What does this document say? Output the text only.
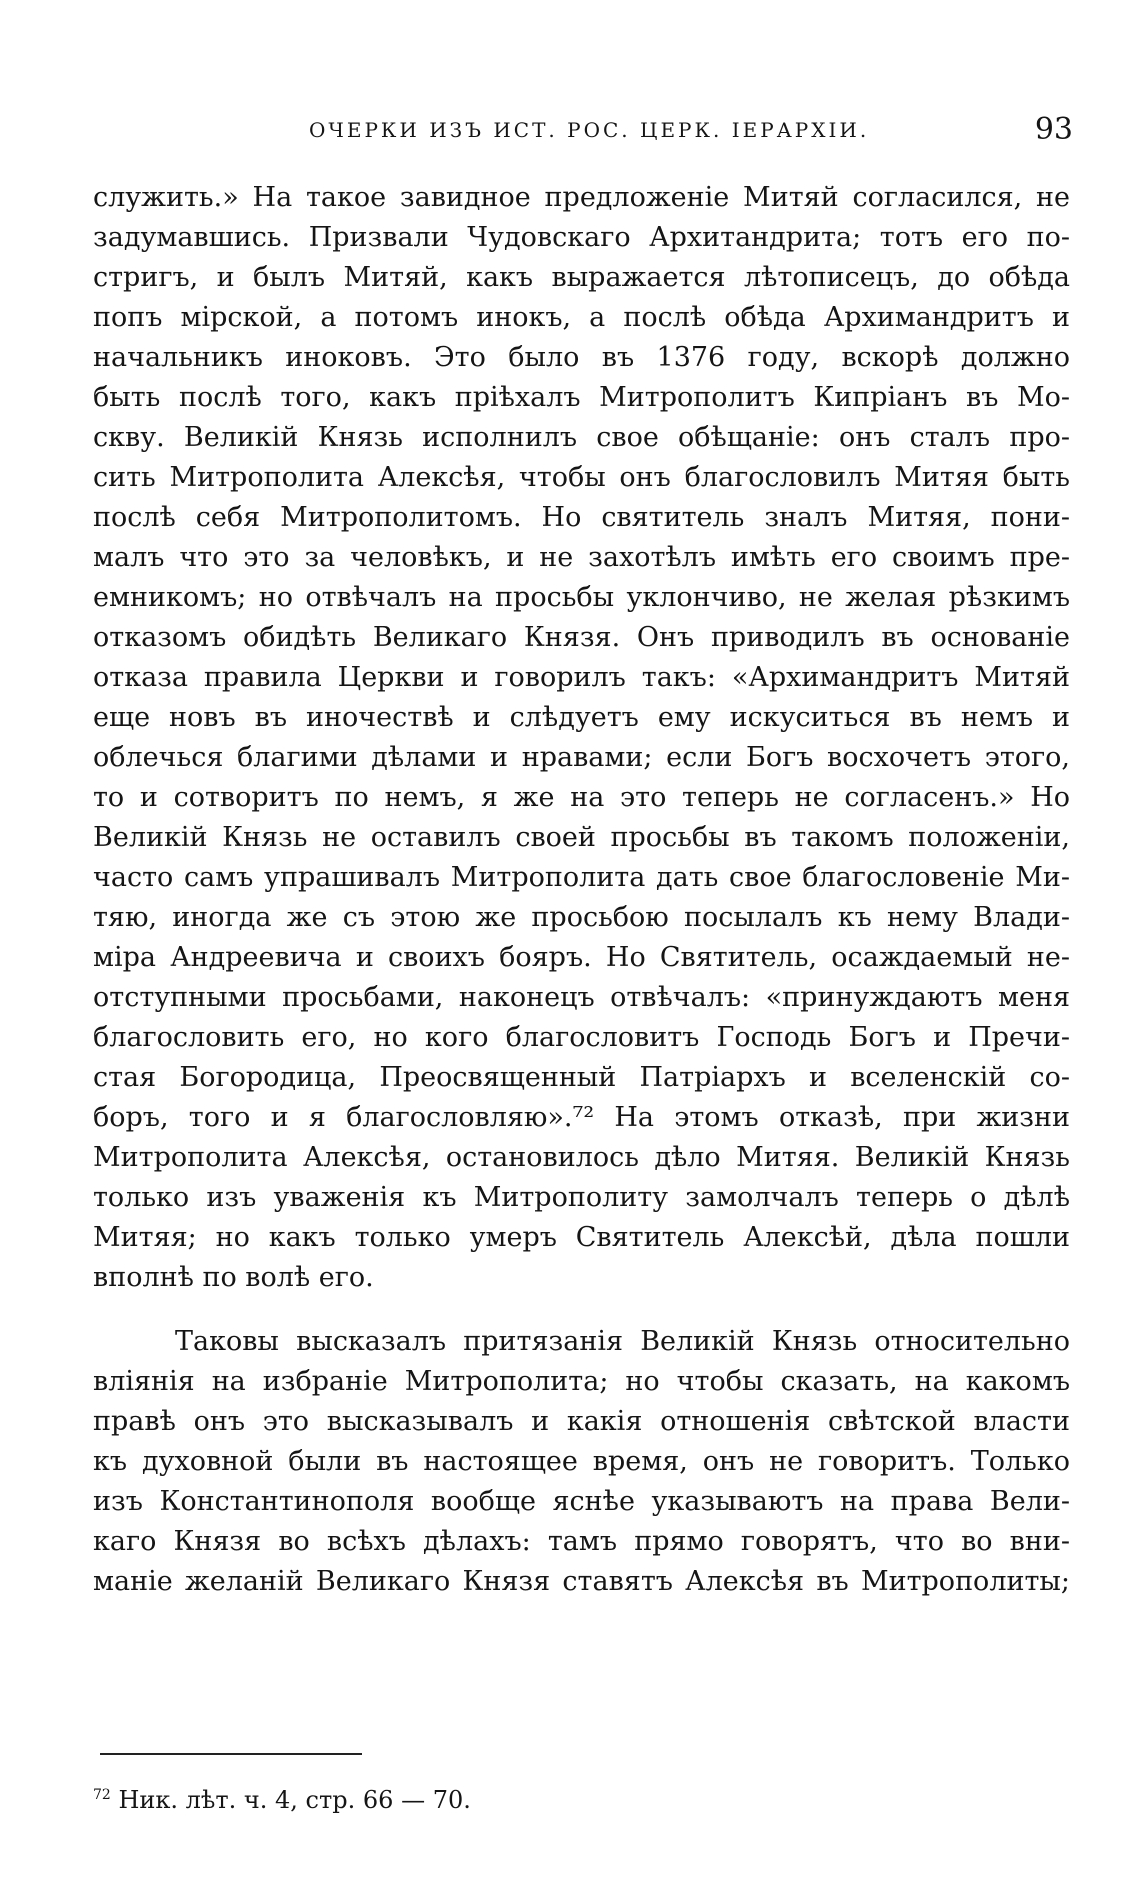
ОЧЕРКИ ИЗЪ ИСТ. РОС. ЦЕРК. IЕРАРХIИ.	93
служить.» На такое завидное предложеніе Митяй согласился, не
задумавшись. Призвали Чудовскаго Архитандрита; тотъ его по-
стригъ, и былъ Митяй, какъ выражается лѣтописецъ, до обѣда
попъ мірской, а потомъ инокъ, а послѣ обѣда Архимандритъ и
начальникъ иноковъ. Это было въ 1376 году, вскорѣ должно
быть послѣ того, какъ пріѣхалъ Митрополитъ Кипріанъ въ Мо-
скву. Великій Князь исполнилъ свое обѣщаніе: онъ сталъ про-
сить Митрополита Алексѣя, чтобы онъ благословилъ Митяя быть
послѣ себя Митрополитомъ. Но святитель зналъ Митяя, пони-
малъ что это за человѣкъ, и не захотѣлъ имѣть его своимъ пре-
емникомъ; но отвѣчалъ на просьбы уклончиво, не желая рѣзкимъ
отказомъ обидѣть Великаго Князя. Онъ приводилъ въ основаніе
отказа правила Церкви и говорилъ такъ: «Архимандритъ Митяй
еще новъ въ иночествѣ и слѣдуетъ ему искуситься въ немъ и
облечься благими дѣлами и нравами; если Богъ восхочетъ этого,
то и сотворитъ по немъ, я же на это теперь не согласенъ.» Но
Великій Князь не оставилъ своей просьбы въ такомъ положеніи,
часто самъ упрашивалъ Митрополита дать свое благословеніе Ми-
тяю, иногда же съ этою же просьбою посылалъ къ нему Влади-
міра Андреевича и своихъ бояръ. Но Святитель, осаждаемый не-
отступными просьбами, наконецъ отвѣчалъ: «принуждаютъ меня
благословить его, но кого благословитъ Господь Богъ и Пречи-
стая Богородица, Преосвященный Патріархъ и вселенскій со-
боръ, того и я благословляю».⁷² На этомъ отказѣ, при жизни
Митрополита Алексѣя, остановилось дѣло Митяя. Великій Князь
только изъ уваженія къ Митрополиту замолчалъ теперь о дѣлѣ
Митяя; но какъ только умеръ Святитель Алексѣй, дѣла пошли
вполнѣ по волѣ его.
Таковы высказалъ притязанія Великій Князь относительно
вліянія на избраніе Митрополита; но чтобы сказать, на какомъ
правѣ онъ это высказывалъ и какія отношенія свѣтской власти
къ духовной были въ настоящее время, онъ не говоритъ. Только
изъ Константинополя вообще яснѣе указываютъ на права Вели-
каго Князя во всѣхъ дѣлахъ: тамъ прямо говорятъ, что во вни-
маніе желаній Великаго Князя ставятъ Алексѣя въ Митрополиты;
$^{72}$ Ник. лѣт. ч. 4, стр. 66 — 70.
